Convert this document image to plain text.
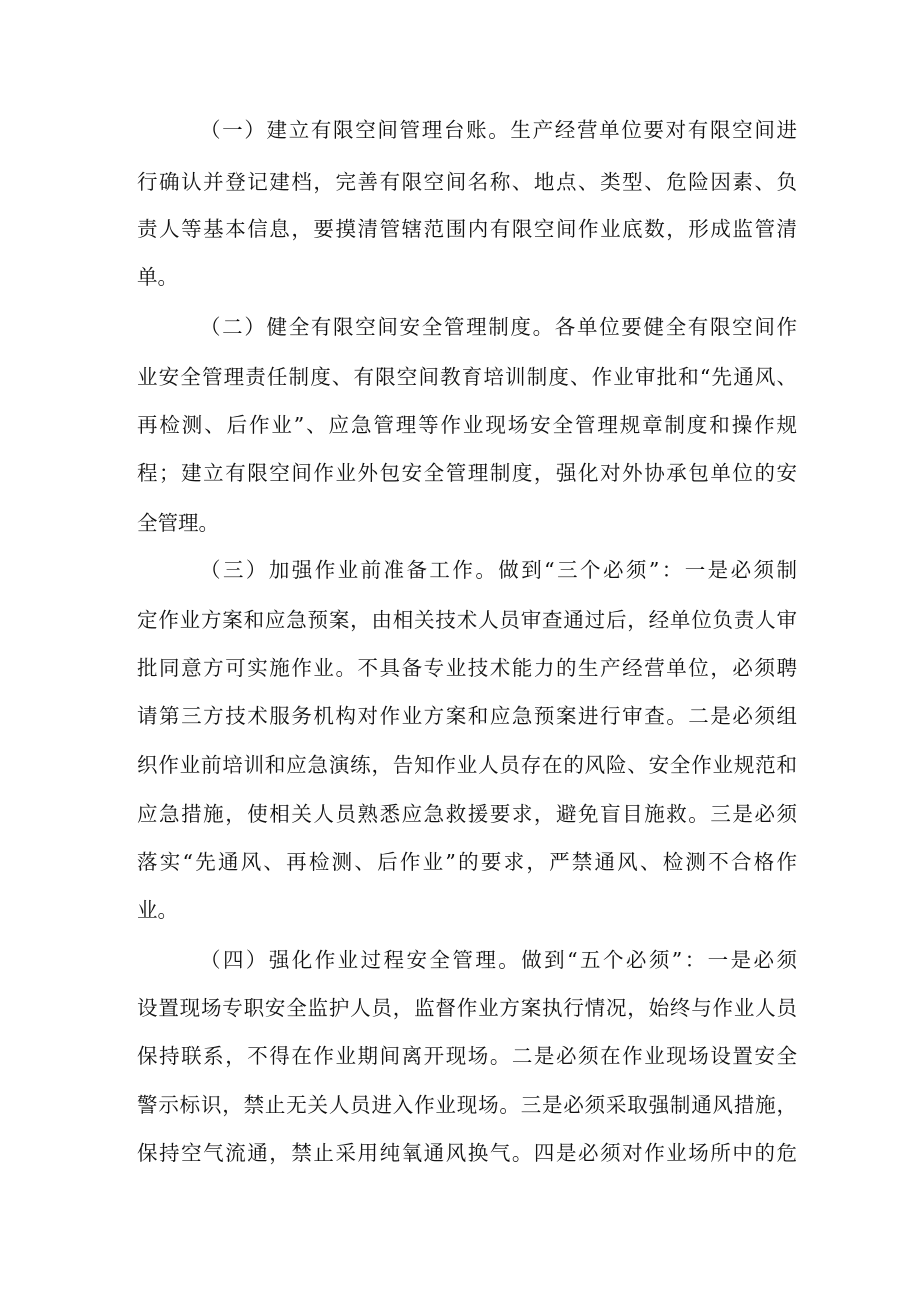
（一）建立有限空间管理台账。生产经营单位要对有限空间进

行确认并登记建档，完善有限空间名称、地点、类型、危险因素、负

责人等基本信息，要摸清管辖范围内有限空间作业底数，形成监管清

单。

（二）健全有限空间安全管理制度。各单位要健全有限空间作

业安全管理责任制度、有限空间教育培训制度、作业审批和“先通风、

再检测、后作业”、应急管理等作业现场安全管理规章制度和操作规

程；建立有限空间作业外包安全管理制度，强化对外协承包单位的安

全管理。

（三）加强作业前准备工作。做到“三个必须”：一是必须制

定作业方案和应急预案，由相关技术人员审查通过后，经单位负责人审

批同意方可实施作业。不具备专业技术能力的生产经营单位，必须聘

请第三方技术服务机构对作业方案和应急预案进行审查。二是必须组

织作业前培训和应急演练，告知作业人员存在的风险、安全作业规范和

应急措施，使相关人员熟悉应急救援要求，避免盲目施救。三是必须

落实“先通风、再检测、后作业”的要求，严禁通风、检测不合格作

业。

（四）强化作业过程安全管理。做到“五个必须”：一是必须

设置现场专职安全监护人员，监督作业方案执行情况，始终与作业人员

保持联系，不得在作业期间离开现场。二是必须在作业现场设置安全

警示标识，禁止无关人员进入作业现场。三是必须采取强制通风措施，

保持空气流通，禁止采用纯氧通风换气。四是必须对作业场所中的危
